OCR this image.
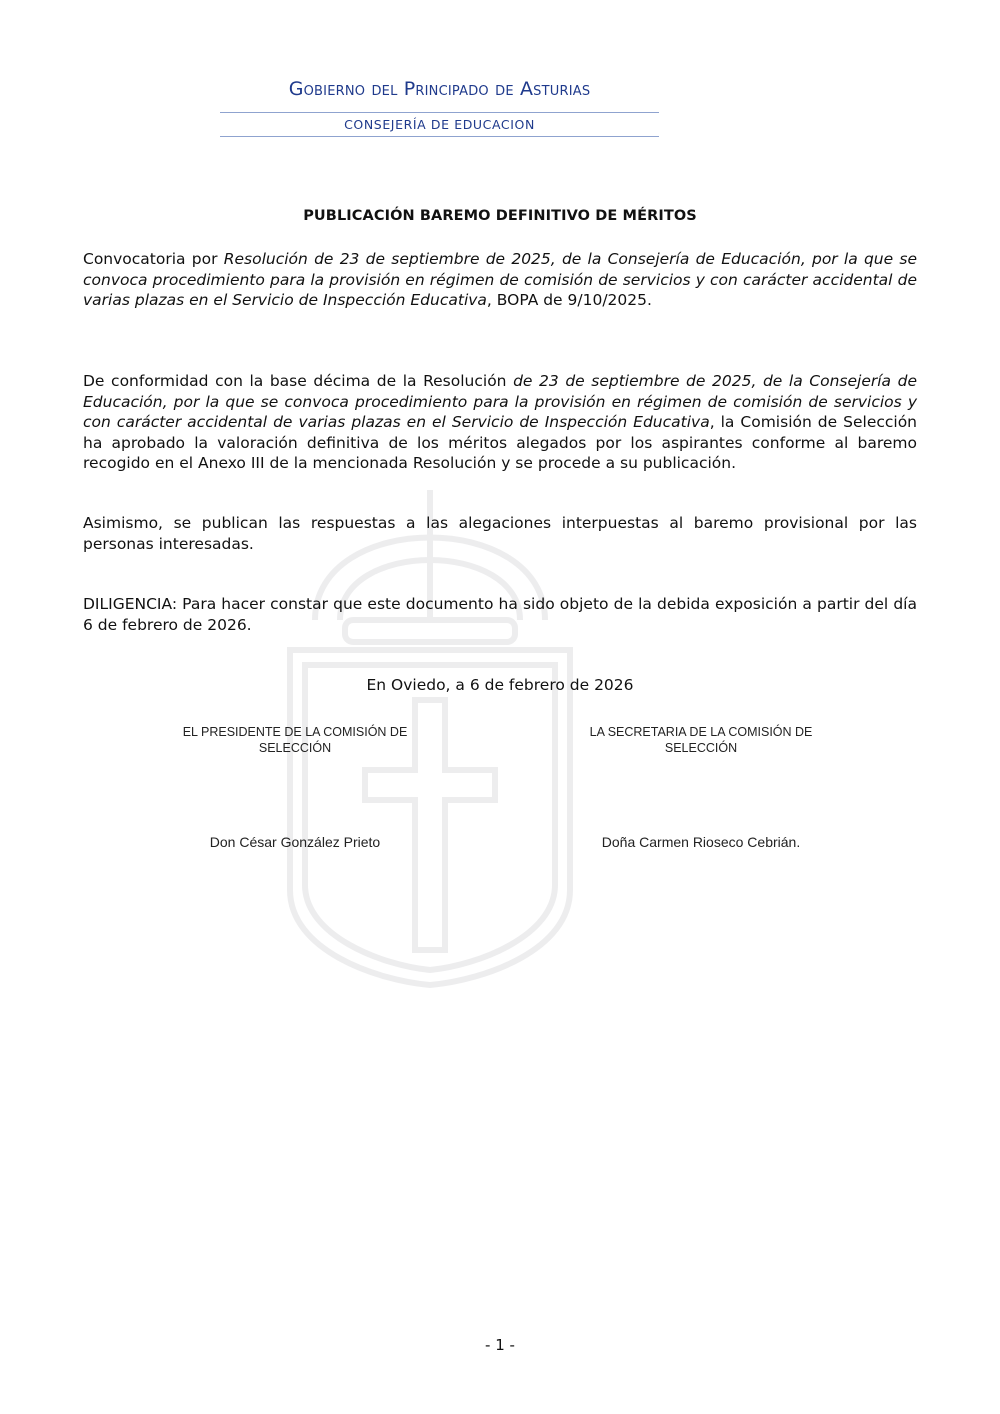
Gobierno del Principado de Asturias
CONSEJERÍA DE EDUCACION
PUBLICACIÓN BAREMO DEFINITIVO DE MÉRITOS
Convocatoria por Resolución de 23 de septiembre de 2025, de la Consejería de Educación, por la que se convoca procedimiento para la provisión en régimen de comisión de servicios y con carácter accidental de varias plazas en el Servicio de Inspección Educativa, BOPA de 9/10/2025.
De conformidad con la base décima de la Resolución de 23 de septiembre de 2025, de la Consejería de Educación, por la que se convoca procedimiento para la provisión en régimen de comisión de servicios y con carácter accidental de varias plazas en el Servicio de Inspección Educativa, la Comisión de Selección ha aprobado la valoración definitiva de los méritos alegados por los aspirantes conforme al baremo recogido en el Anexo III de la mencionada Resolución y se procede a su publicación.
Asimismo, se publican las respuestas a las alegaciones interpuestas al baremo provisional por las personas interesadas.
DILIGENCIA: Para hacer constar que este documento ha sido objeto de la debida exposición a partir del día 6 de febrero de 2026.
En Oviedo, a 6 de febrero de 2026
EL PRESIDENTE DE LA COMISIÓN DE SELECCIÓN
LA SECRETARIA DE LA COMISIÓN DE SELECCIÓN
Don César González Prieto	Doña Carmen Rioseco Cebrián.
- 1 -
